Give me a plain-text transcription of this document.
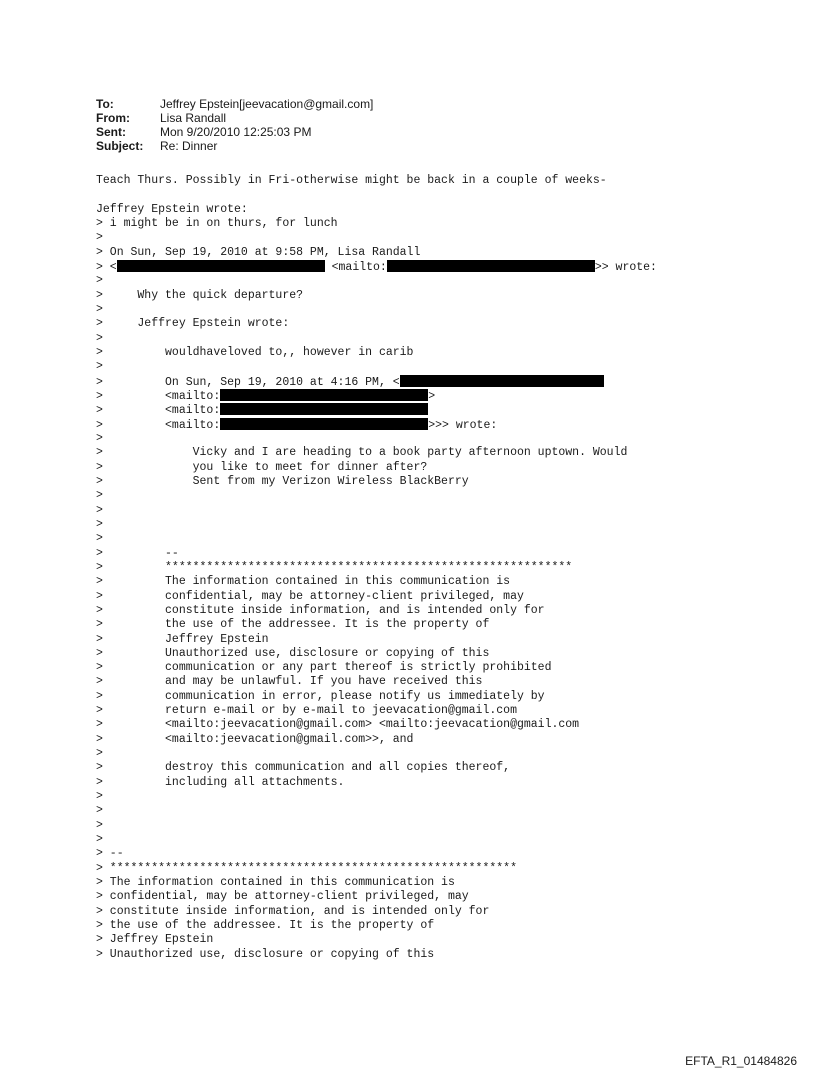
To:	Jeffrey Epstein[jeevacation@gmail.com]
From:	Lisa Randall
Sent:	Mon 9/20/2010 12:25:03 PM
Subject:	Re: Dinner
Teach Thurs. Possibly in Fri-otherwise might be back in a couple of weeks-
Jeffrey Epstein wrote:
> i might be in on thurs, for lunch
>
> On Sun, Sep 19, 2010 at 9:58 PM, Lisa Randall
> <	<mailto:	>> wrote:
>
>     Why the quick departure?
>
>     Jeffrey Epstein wrote:
>
>         wouldhaveloved to,, however in carib
>
>         On Sun, Sep 19, 2010 at 4:16 PM, <
>         <mailto:	>
>         <mailto:
>         <mailto:	>>> wrote:
>
>             Vicky and I are heading to a book party afternoon uptown. Would
>             you like to meet for dinner after?
>             Sent from my Verizon Wireless BlackBerry
>
>
>
>
>         --
>         ***********************************************************
>         The information contained in this communication is
>         confidential, may be attorney-client privileged, may
>         constitute inside information, and is intended only for
>         the use of the addressee. It is the property of
>         Jeffrey Epstein
>         Unauthorized use, disclosure or copying of this
>         communication or any part thereof is strictly prohibited
>         and may be unlawful. If you have received this
>         communication in error, please notify us immediately by
>         return e-mail or by e-mail to jeevacation@gmail.com
>         <mailto:jeevacation@gmail.com> <mailto:jeevacation@gmail.com
>         <mailto:jeevacation@gmail.com>>, and
>
>         destroy this communication and all copies thereof,
>         including all attachments.
>
>
>
>
> --
> ***********************************************************
> The information contained in this communication is
> confidential, may be attorney-client privileged, may
> constitute inside information, and is intended only for
> the use of the addressee. It is the property of
> Jeffrey Epstein
> Unauthorized use, disclosure or copying of this
EFTA_R1_01484826
